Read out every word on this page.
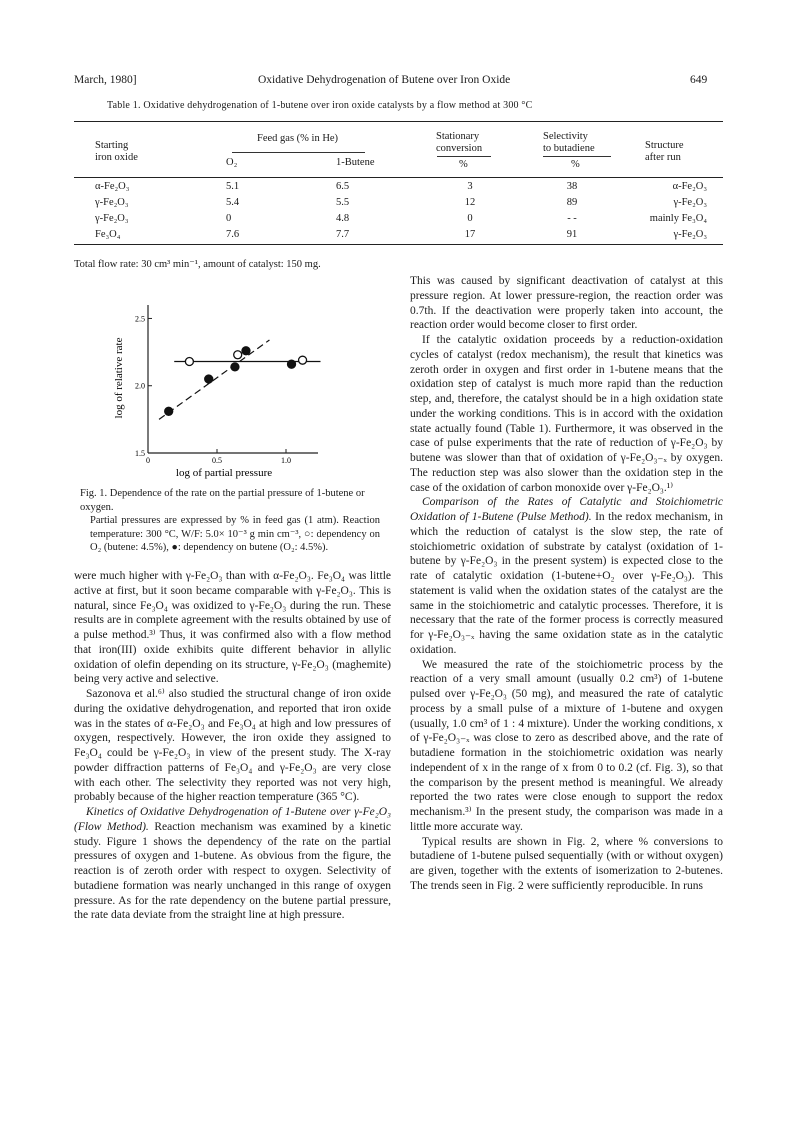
March, 1980]	Oxidative Dehydrogenation of Butene over Iron Oxide	649
Table 1. Oxidative dehydrogenation of 1-butene over iron oxide catalysts by a flow method at 300 °C
Starting
iron oxide
Feed gas (% in He)
O₂	1-Butene
Stationary
conversion
%
Selectivity
to butadiene
%
Structure
after run
α-Fe₂O₃	5.1	6.5	3	38	α-Fe₂O₃
γ-Fe₂O₃	5.4	5.5	12	89	γ-Fe₂O₃
γ-Fe₂O₃	0	4.8	0	- -	mainly Fe₃O₄
Fe₃O₄	7.6	7.7	17	91	γ-Fe₂O₃
Total flow rate: 30 cm³ min⁻¹, amount of catalyst: 150 mg.
1.5
2.0
2.5
0	0.5	1.0
log of relative rate
log of partial pressure

Fig. 1. Dependence of the rate on the partial pressure of 1-butene or oxygen.

Partial pressures are expressed by % in feed gas (1 atm). Reaction temperature: 300 °C, W/F: 5.0× 10⁻³ g min cm⁻³, ○: dependency on O₂ (butene: 4.5%), ●: dependency on butene (O₂: 4.5%).

were much higher with γ-Fe₂O₃ than with α-Fe₂O₃. Fe₃O₄ was little active at first, but it soon became comparable with γ-Fe₂O₃. This is natural, since Fe₃O₄ was oxidized to γ-Fe₂O₃ during the run. These results are in complete agreement with the results obtained by use of a pulse method.³⁾ Thus, it was confirmed also with a flow method that iron(III) oxide exhibits quite different behavior in allylic oxidation of olefin depending on its structure, γ-Fe₂O₃ (maghemite) being very active and selective.

Sazonova et al.⁶⁾ also studied the structural change of iron oxide during the oxidative dehydrogenation, and reported that iron oxide was in the states of α-Fe₂O₃ and Fe₃O₄ at high and low pressures of oxygen, respectively. However, the iron oxide they assigned to Fe₃O₄ could be γ-Fe₂O₃ in view of the present study. The X-ray powder diffraction patterns of Fe₃O₄ and γ-Fe₂O₃ are very close with each other. The selectivity they reported was not very high, probably because of the higher reaction temperature (365 °C).

Kinetics of Oxidative Dehydrogenation of 1-Butene over γ-Fe₂O₃ (Flow Method). Reaction mechanism was examined by a kinetic study. Figure 1 shows the dependency of the rate on the partial pressures of oxygen and 1-butene. As obvious from the figure, the reaction is of zeroth order with respect to oxygen. Selectivity of butadiene formation was nearly unchanged in this range of oxygen pressure. As for the rate dependency on the butene partial pressure, the rate data deviate from the straight line at high pressure.

This was caused by significant deactivation of catalyst at this pressure region. At lower pressure-region, the reaction order was 0.7th. If the deactivation were properly taken into account, the reaction order would become closer to first order.

If the catalytic oxidation proceeds by a reduction-oxidation cycles of catalyst (redox mechanism), the result that kinetics was zeroth order in oxygen and first order in 1-butene means that the oxidation step of catalyst is much more rapid than the reduction step, and, therefore, the catalyst should be in a high oxidation state under the working conditions. This is in accord with the oxidation state actually found (Table 1). Furthermore, it was observed in the case of pulse experiments that the rate of reduction of γ-Fe₂O₃ by butene was slower than that of oxidation of γ-Fe₂O₃₋ₓ by oxygen. The reduction step was also slower than the oxidation step in the case of the oxidation of carbon monoxide over γ-Fe₂O₃.¹⁾

Comparison of the Rates of Catalytic and Stoichiometric Oxidation of 1-Butene (Pulse Method). In the redox mechanism, in which the reduction of catalyst is the slow step, the rate of stoichiometric oxidation of substrate by catalyst (oxidation of 1-butene by γ-Fe₂O₃ in the present system) is expected close to the rate of catalytic oxidation (1-butene+O₂ over γ-Fe₂O₃). This statement is valid when the oxidation states of the catalyst are the same in the stoichiometric and catalytic processes. Therefore, it is necessary that the rate of the former process is correctly measured for γ-Fe₂O₃₋ₓ having the same oxidation state as in the catalytic oxidation.

We measured the rate of the stoichiometric process by the reaction of a very small amount (usually 0.2 cm³) of 1-butene pulsed over γ-Fe₂O₃ (50 mg), and measured the rate of catalytic process by a small pulse of a mixture of 1-butene and oxygen (usually, 1.0 cm³ of 1 : 4 mixture). Under the working conditions, x of γ-Fe₂O₃₋ₓ was close to zero as described above, and the rate of butadiene formation in the stoichiometric oxidation was nearly independent of x in the range of x from 0 to 0.2 (cf. Fig. 3), so that the comparison by the present method is meaningful. We already reported the two rates were close enough to support the redox mechanism.³⁾ In the present study, the comparison was made in a little more accurate way.

Typical results are shown in Fig. 2, where % conversions to butadiene of 1-butene pulsed sequentially (with or without oxygen) are given, together with the extents of isomerization to 2-butenes. The trends seen in Fig. 2 were sufficiently reproducible. In runs
